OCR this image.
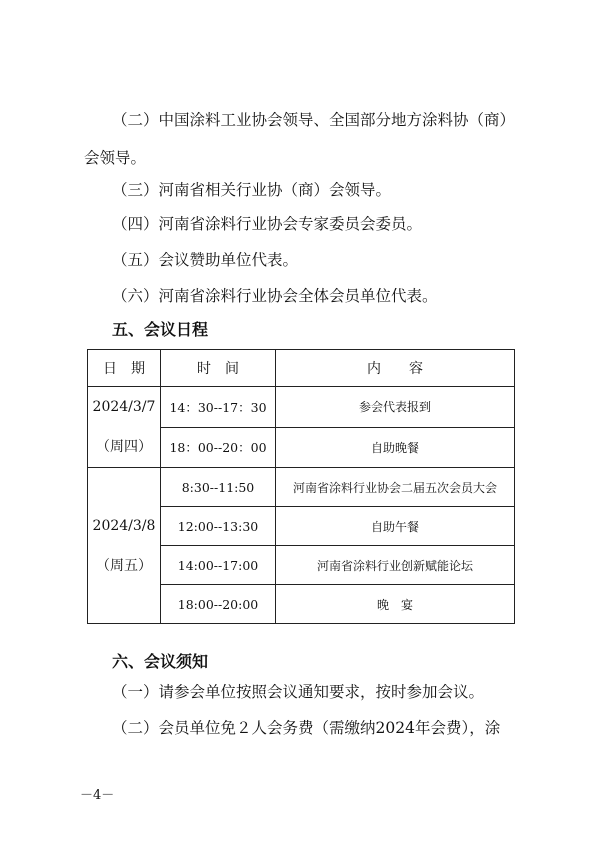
（二）中国涂料工业协会领导、全国部分地方涂料协（商）

会领导。

（三）河南省相关行业协（商）会领导。

（四）河南省涂料行业协会专家委员会委员。

（五）会议赞助单位代表。

（六）河南省涂料行业协会全体会员单位代表。

五、会议日程
日　期	时　间	内　　容

2024/3/7
（周四）	14：30--17：30	参会代表报到
	18：00--20：00	自助晚餐

2024/3/8
（周五）	8:30--11:50	河南省涂料行业协会二届五次会员大会
	12:00--13:30	自助午餐
	14:00--17:00	河南省涂料行业创新赋能论坛
	18:00--20:00	晚　宴
六、会议须知

（一）请参会单位按照会议通知要求，按时参加会议。

（二）会员单位免２人会务费（需缴纳2024年会费），涂

－4－
